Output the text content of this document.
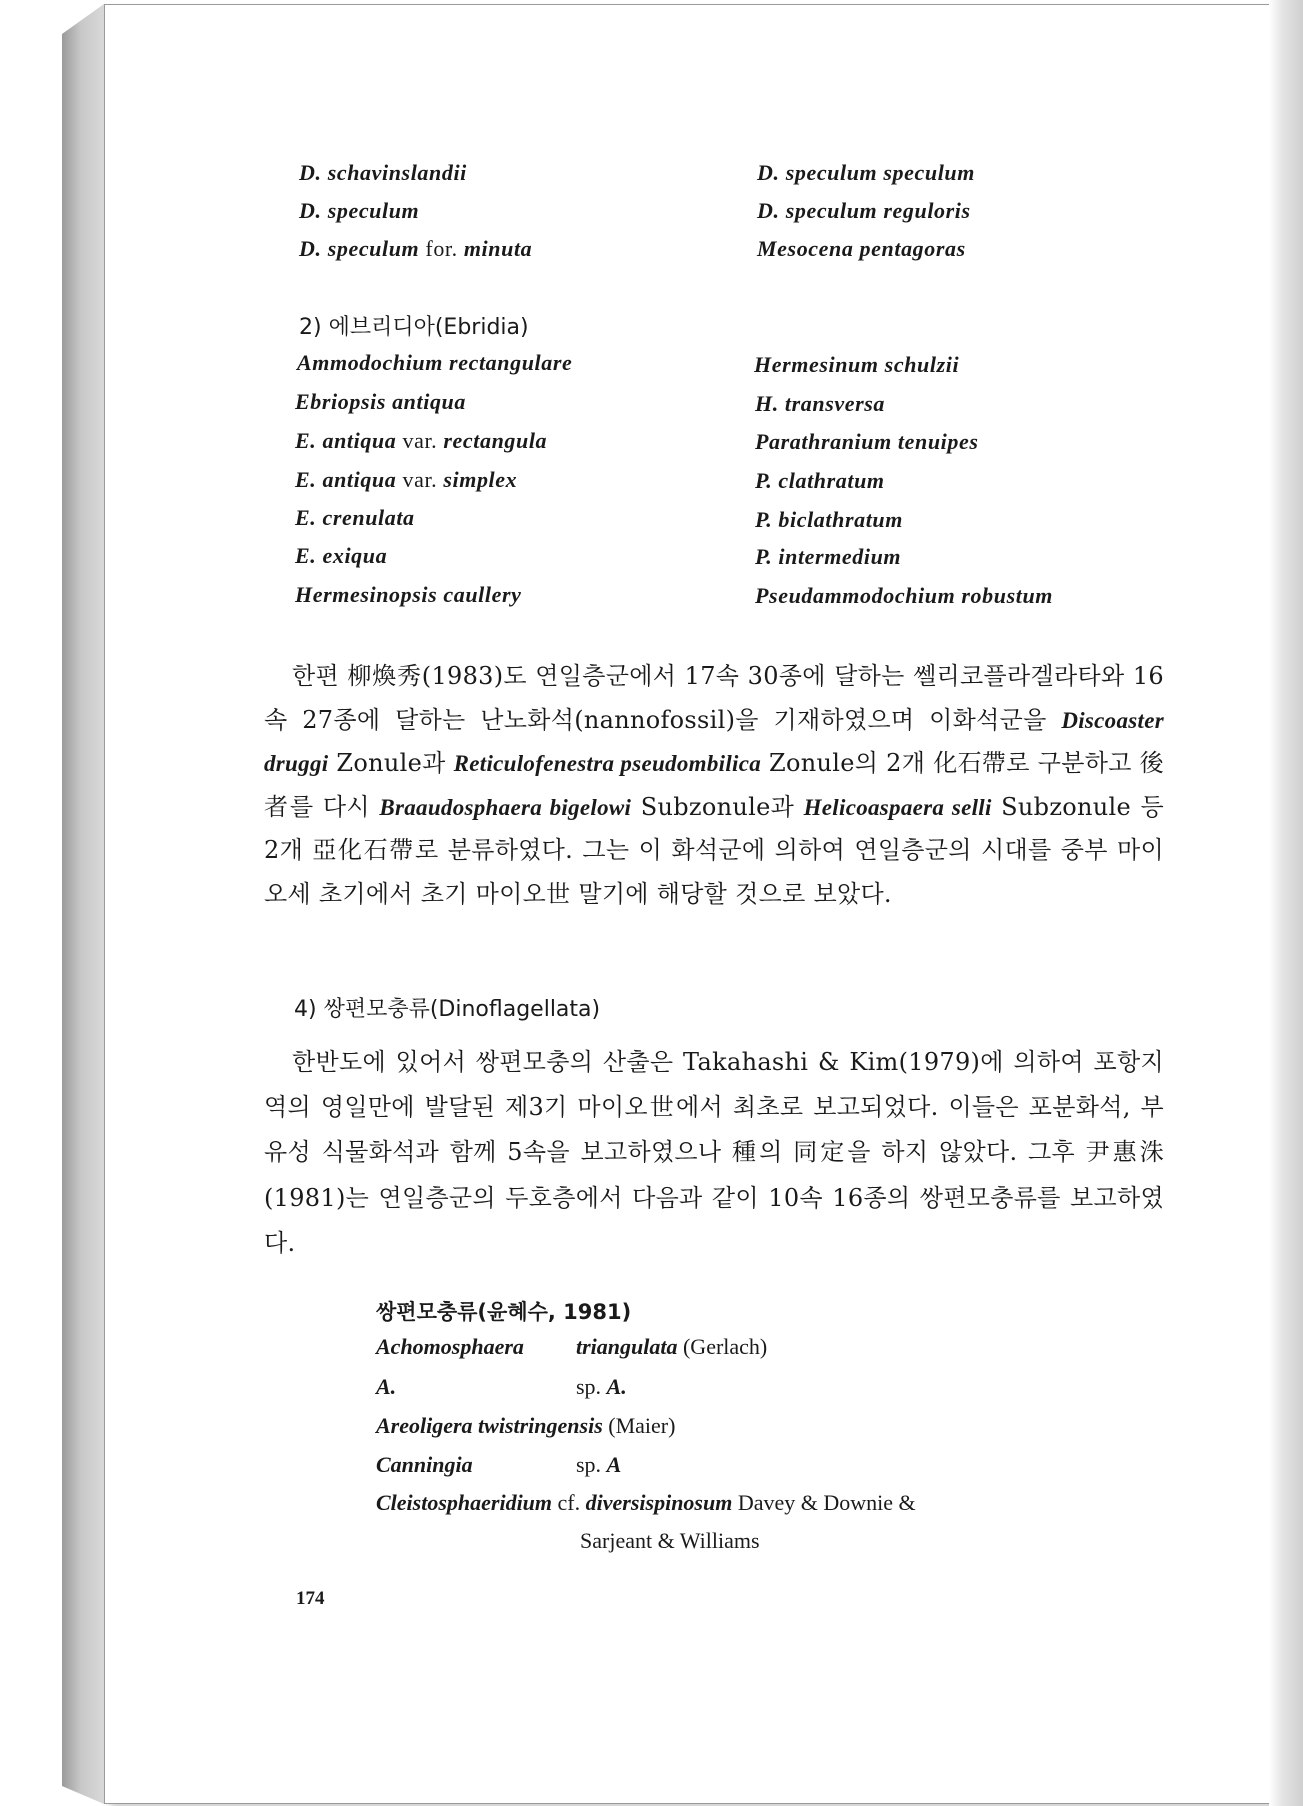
D. schavinslandii	D. speculum speculum
D. speculum	D. speculum reguloris
D. speculum for. minuta	Mesocena pentagoras
2) 에브리디아(Ebridia)
Ammodochium rectangulare	Hermesinum schulzii
Ebriopsis antiqua	H. transversa
E. antiqua var. rectangula	Parathranium tenuipes
E. antiqua var. simplex	P. clathratum
E. crenulata	P. biclathratum
E. exiqua	P. intermedium
Hermesinopsis caullery	Pseudammodochium robustum
한편 柳煥秀(1983)도 연일층군에서 17속 30종에 달하는 쎌리코플라겔라타와 16속 27종에 달하는 난노화석(nannofossil)을 기재하였으며 이화석군을 Discoaster druggi Zonule과 Reticulofenestra pseudombilica Zonule의 2개 化石帶로 구분하고 後者를 다시 Braaudosphaera bigelowi Subzonule과 Helicoaspaera selli Subzonule 등 2개 亞化石帶로 분류하였다. 그는 이 화석군에 의하여 연일층군의 시대를 중부 마이오세 초기에서 초기 마이오世 말기에 해당할 것으로 보았다.
4) 쌍편모충류(Dinoflagellata)
한반도에 있어서 쌍편모충의 산출은 Takahashi & Kim(1979)에 의하여 포항지역의 영일만에 발달된 제3기 마이오世에서 최초로 보고되었다. 이들은 포분화석, 부유성 식물화석과 함께 5속을 보고하였으나 種의 同定을 하지 않았다. 그후 尹惠洙(1981)는 연일층군의 두호층에서 다음과 같이 10속 16종의 쌍편모충류를 보고하였다.
쌍편모충류(윤혜수, 1981)
Achomosphaera triangulata (Gerlach)
A.	sp. A.
Areoligera twistringensis (Maier)
Canningia	sp. A
Cleistosphaeridium cf. diversispinosum Davey & Downie &
Sarjeant & Williams
174
